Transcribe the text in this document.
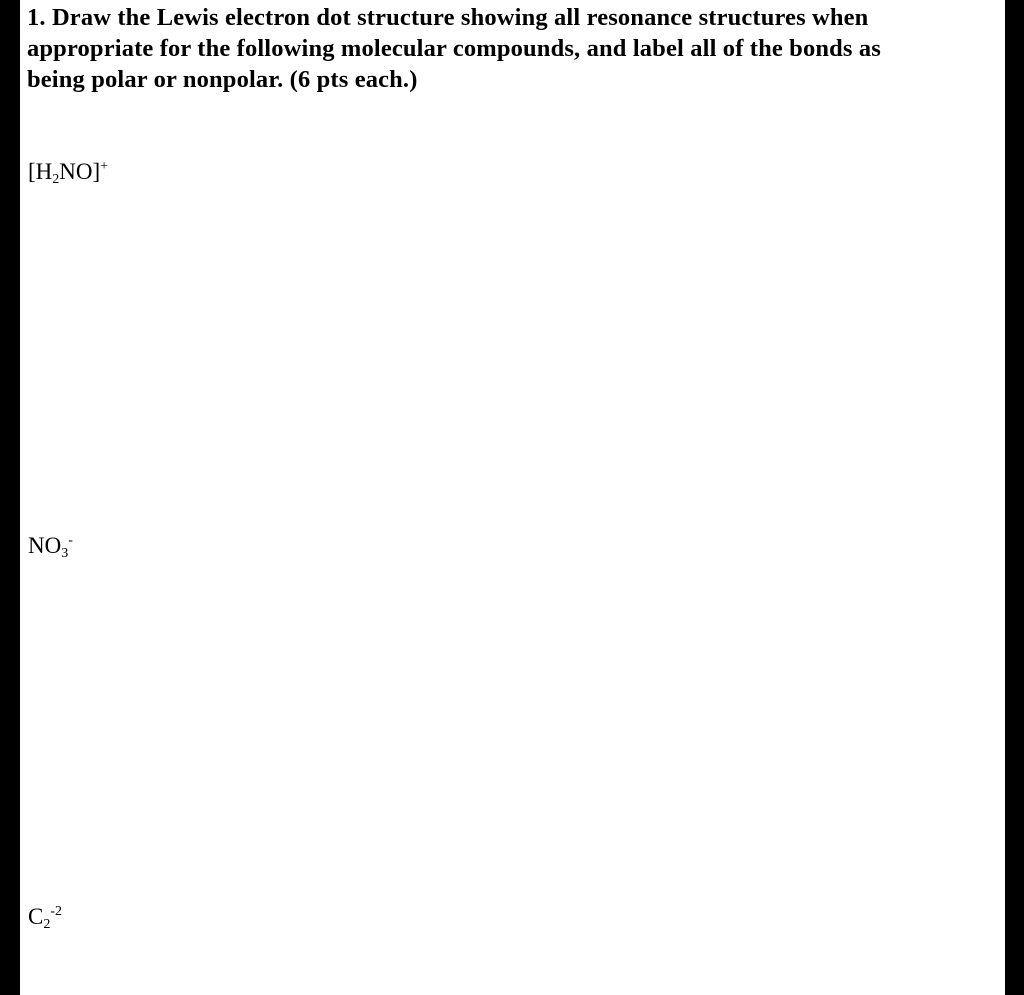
1. Draw the Lewis electron dot structure showing all resonance structures when
appropriate for the following molecular compounds, and label all of the bonds as
being polar or nonpolar. (6 pts each.)
$[H_2NO]^+$
$NO_3^-$
$C_2^{-2}$
